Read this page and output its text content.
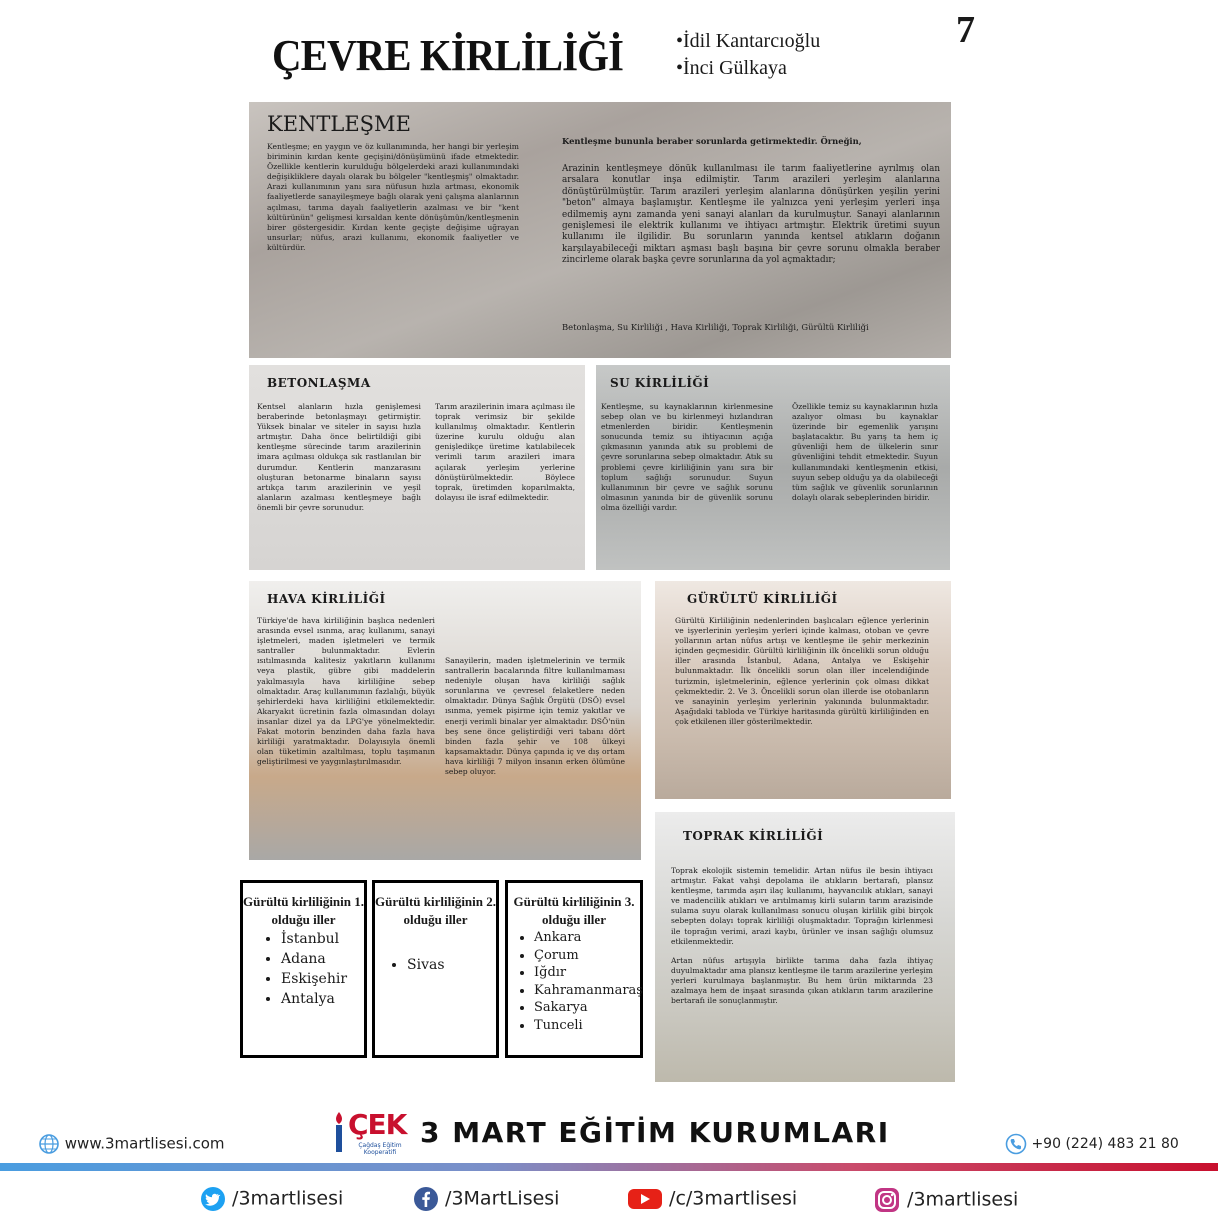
ÇEVRE KİRLİLİĞİ
•	İdil Kantarcıoğlu
• İnci Gülkaya
7
KENTLEŞME
Kentleşme; en yaygın ve öz kullanımında, her hangi bir yerleşim biriminin kırdan kente geçişini/dönüşümünü ifade etmektedir. Özellikle kentlerin kurulduğu bölgelerdeki arazi kullanımındaki değişikliklere dayalı olarak bu bölgeler "kentleşmiş" olmaktadır. Arazi kullanımının yanı sıra nüfusun hızla artması, ekonomik faaliyetlerde sanayileşmeye bağlı olarak yeni çalışma alanlarının açılması, tarıma dayalı faaliyetlerin azalması ve bir "kent kültürünün" gelişmesi kırsaldan kente dönüşümün/kentleşmenin birer göstergesidir. Kırdan kente geçişte değişime uğrayan unsurlar; nüfus, arazi kullanımı, ekonomik faaliyetler ve kültürdür.
Kentleşme bununla beraber sorunlarda getirmektedir. Örneğin,
Arazinin kentleşmeye dönük kullanılması ile tarım faaliyetlerine ayrılmış olan arsalara konutlar inşa edilmiştir. Tarım arazileri yerleşim alanlarına dönüştürülmüştür. Tarım arazileri yerleşim alanlarına dönüşürken yeşilin yerini "beton" almaya başlamıştır. Kentleşme ile yalnızca yeni yerleşim yerleri inşa edilmemiş aynı zamanda yeni sanayi alanları da kurulmuştur. Sanayi alanlarının genişlemesi ile elektrik kullanımı ve ihtiyacı artmıştır. Elektrik üretimi suyun kullanımı ile ilgilidir. Bu sorunların yanında kentsel atıkların doğanın karşılayabileceği miktarı aşması başlı başına bir çevre sorunu olmakla beraber zincirleme olarak başka çevre sorunlarına da yol açmaktadır;
Betonlaşma, Su Kirliliği , Hava Kirliliği, Toprak Kirliliği, Gürültü Kirliliği
BETONLAŞMA
Kentsel alanların hızla genişlemesi beraberinde betonlaşmayı getirmiştir. Yüksek binalar ve siteler in sayısı hızla artmıştır. Daha önce belirtildiği gibi kentleşme sürecinde tarım arazilerinin imara açılması oldukça sık rastlanılan bir durumdur. Kentlerin manzarasını oluşturan betonarme binaların sayısı artıkça tarım arazilerinin ve yeşil alanların azalması kentleşmeye bağlı önemli bir çevre sorunudur.
Tarım arazilerinin imara açılması ile toprak verimsiz bir şekilde kullanılmış olmaktadır. Kentlerin üzerine kurulu olduğu alan genişledikçe üretime katılabilecek verimli tarım arazileri imara açılarak yerleşim yerlerine dönüştürülmektedir. Böylece toprak, üretimden koparılmakta, dolayısı ile israf edilmektedir.
SU KİRLİLİĞİ
Kentleşme, su kaynaklarının kirlenmesine sebep olan ve bu kirlenmeyi hızlandıran etmenlerden biridir. Kentleşmenin sonucunda temiz su ihtiyacının açığa çıkmasının yanında atık su problemi de çevre sorunlarına sebep olmaktadır. Atık su problemi çevre kirliliğinin yanı sıra bir toplum sağlığı sorunudur. Suyun kullanımının bir çevre ve sağlık sorunu olmasının yanında bir de güvenlik sorunu olma özelliği vardır.
Özellikle temiz su kaynaklarının hızla azalıyor olması bu kaynaklar üzerinde bir egemenlik yarışını başlatacaktır. Bu yarış ta hem iç güvenliği hem de ülkelerin sınır güvenliğini tehdit etmektedir. Suyun kullanımındaki kentleşmenin etkisi, suyun sebep olduğu ya da olabileceği tüm sağlık ve güvenlik sorunlarının dolaylı olarak sebeplerinden biridir.
HAVA KİRLİLİĞİ
Türkiye'de hava kirliliğinin başlıca nedenleri arasında evsel ısınma, araç kullanımı, sanayi işletmeleri, maden işletmeleri ve termik santraller bulunmaktadır. Evlerin ısıtılmasında kalitesiz yakıtların kullanımı veya plastik, gübre gibi maddelerin yakılmasıyla hava kirliliğine sebep olmaktadır. Araç kullanımının fazlalığı, büyük şehirlerdeki hava kirliliğini etkilemektedir. Akaryakıt ücretinin fazla olmasından dolayı insanlar dizel ya da LPG'ye yönelmektedir. Fakat motorin benzinden daha fazla hava kirliliği yaratmaktadır. Dolayısıyla önemli olan tüketimin azaltılması, toplu taşımanın geliştirilmesi ve yaygınlaştırılmasıdır.
Sanayilerin, maden işletmelerinin ve termik santrallerin bacalarında filtre kullanılmaması nedeniyle oluşan hava kirliliği sağlık sorunlarına ve çevresel felaketlere neden olmaktadır. Dünya Sağlık Örgütü (DSÖ) evsel ısınma, yemek pişirme için temiz yakıtlar ve enerji verimli binalar yer almaktadır. DSÖ'nün beş sene önce geliştirdiği veri tabanı dört binden fazla şehir ve 108 ülkeyi kapsamaktadır. Dünya çapında iç ve dış ortam hava kirliliği 7 milyon insanın erken ölümüne sebep oluyor.
GÜRÜLTÜ KİRLİLİĞİ
Gürültü Kirliliğinin nedenlerinden başlıcaları eğlence yerlerinin ve işyerlerinin yerleşim yerleri içinde kalması, otoban ve çevre yollarının artan nüfus artışı ve kentleşme ile şehir merkezinin içinden geçmesidir. Gürültü kirliliğinin ilk öncelikli sorun olduğu iller arasında İstanbul, Adana, Antalya ve Eskişehir bulunmaktadır. İlk öncelikli sorun olan iller incelendiğinde turizmin, işletmelerinin, eğlence yerlerinin çok olması dikkat çekmektedir. 2. Ve 3. Öncelikli sorun olan illerde ise otobanların ve sanayinin yerleşim yerlerinin yakınında bulunmaktadır. Aşağıdaki tabloda ve Türkiye haritasında gürültü kirliliğinden en çok etkilenen iller gösterilmektedir.
TOPRAK KİRLİLİĞİ

Toprak ekolojik sistemin temelidir. Artan nüfus ile besin ihtiyacı artmıştır. Fakat vahşi depolama ile atıkların bertarafı, plansız kentleşme, tarımda aşırı ilaç kullanımı, hayvancılık atıkları, sanayi ve madencilik atıkları ve arıtılmamış kirli suların tarım arazisinde sulama suyu olarak kullanılması sonucu oluşan kirlilik gibi birçok sebepten dolayı toprak kirliliği oluşmaktadır. Toprağın kirlenmesi ile toprağın verimi, arazi kaybı, ürünler ve insan sağlığı olumsuz etkilenmektedir.

Artan nüfus artışıyla birlikte tarıma daha fazla ihtiyaç duyulmaktadır ama plansız kentleşme ile tarım arazilerine yerleşim yerleri kurulmaya başlanmıştır. Bu hem ürün miktarında 23 azalmaya hem de inşaat sırasında çıkan atıkların tarım arazilerine bertarafı ile sonuçlanmıştır.

Gürültü kirliliğinin 1. olduğu iller
• İstanbul
• Adana
• Eskişehir
• Antalya
Gürültü kirliliğinin 2. olduğu iller
• Sivas
Gürültü kirliliğinin 3. olduğu iller
• Ankara
• Çorum
• Iğdır
• Kahramanmaraş
• Sakarya
• Tunceli
www.3martlisesi.com
ÇEK
Çağdaş Eğitim Kooperatifi
3 MART EĞİTİM KURUMLARI	+90 (224) 483 21 80
/3martlisesi	/3MartLisesi	/c/3martlisesi	/3martlisesi
